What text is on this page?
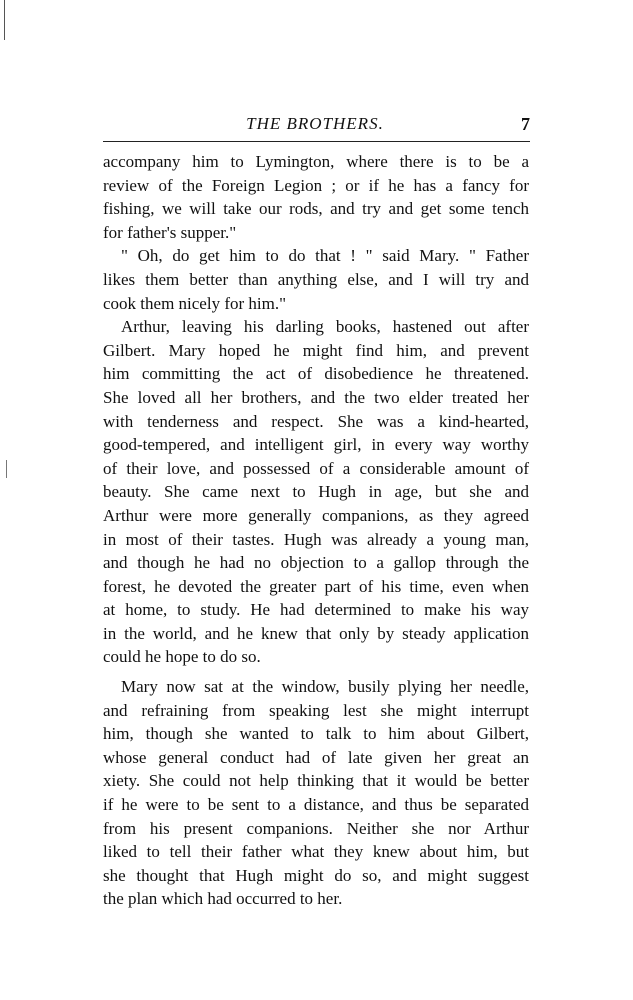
THE BROTHERS.	7

accompany him to Lymington, where there is to be a

review of the Foreign Legion ; or if he has a fancy for

fishing, we will take our rods, and try and get some tench

for father's supper."

" Oh, do get him to do that ! " said Mary. " Father

likes them better than anything else, and I will try and

cook them nicely for him."

Arthur, leaving his darling books, hastened out after

Gilbert. Mary hoped he might find him, and prevent

him committing the act of disobedience he threatened.

She loved all her brothers, and the two elder treated her

with tenderness and respect. She was a kind-hearted,

good-tempered, and intelligent girl, in every way worthy

of their love, and possessed of a considerable amount of

beauty. She came next to Hugh in age, but she and

Arthur were more generally companions, as they agreed

in most of their tastes. Hugh was already a young man,

and though he had no objection to a gallop through the

forest, he devoted the greater part of his time, even when

at home, to study. He had determined to make his way

in the world, and he knew that only by steady application

could he hope to do so.

Mary now sat at the window, busily plying her needle,

and refraining from speaking lest she might interrupt

him, though she wanted to talk to him about Gilbert,

whose general conduct had of late given her great an

xiety. She could not help thinking that it would be better

if he were to be sent to a distance, and thus be separated

from his present companions. Neither she nor Arthur

liked to tell their father what they knew about him, but

she thought that Hugh might do so, and might suggest

the plan which had occurred to her.
